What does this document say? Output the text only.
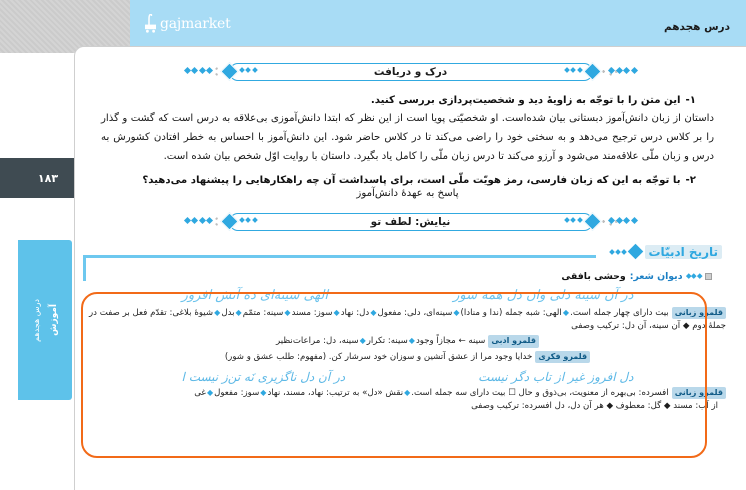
gajmarket	درس هجدهم
۱۸۳
آموزش
درس هجدهم
درک و دریافت
۱-
این متن را با توجّه به زاویهٔ دید و شخصیت‌پردازی بررسی کنید.
داستان از زبان دانش‌آموز دبستانی بیان شده‌است. او شخصیّتی پویا است از این نظر که ابتدا دانش‌آموزی بی‌علاقه به درس است که گشت و گذار را بر کلاس درس ترجیح می‌دهد و به سختی خود را راضی می‌کند تا در کلاس حاضر شود. این دانش‌آموز با احساس به خطر افتادن کشورش به درس و زبان ملّی علاقه‌مند می‌شود و آرزو می‌کند تا درس زبان ملّی را کامل یاد بگیرد. داستان با روایت اوّل شخص بیان شده است.
۲-
با توجّه به این که زبان فارسی، رمز هویّت ملّی است، برای پاسداشت آن چه راهکارهایی را پیشنهاد می‌دهید؟
پاسخ به عهدهٔ دانش‌آموز
نیایش: لطف تو
تاریخ ادبیّات
دیوان شعر:
وحشی بافقی
در آن سینه دلی وان دل همه سوز
الهی سینه‌ای ده آتش افروز
قلمرو زبانیبیت دارای چهار جمله است.◆الهی: شبه جمله (ندا و منادا)◆سینه‌ای، دلی: مفعول◆دل: نهاد◆سوز: مسند◆سینه: متمّم◆بدل◆شیوهٔ بلاغی: تقدّم فعل بر صفت در جملهٔ دوم ◆ آن سینه، آن دل: ترکیب وصفی
قلمرو ادبیسینه ← مجازاً وجود◆سینه: تکرار◆سینه، دل: مراعات‌نظیر
قلمرو فکریخدایا وجود مرا از عشق آتشین و سوزان خود سرشار کن. (مفهوم: طلب عشق و شور)
دل افروز غیر از تاب دگر نیست
در آن دل ناگزیری نَه تن‌ز نیست ا
قلمرو زبانیافسرده: بی‌بهره از معنویت، بی‌ذوق و حال ☐ بیت دارای سه جمله است.◆نقش «دل» به ترتیب: نهاد، مسند، نهاد◆سوز: مفعول◆غی
از آب: مسند ◆ گل: معطوف ◆ هر آن دل، دل افسرده: ترکیب وصفی
